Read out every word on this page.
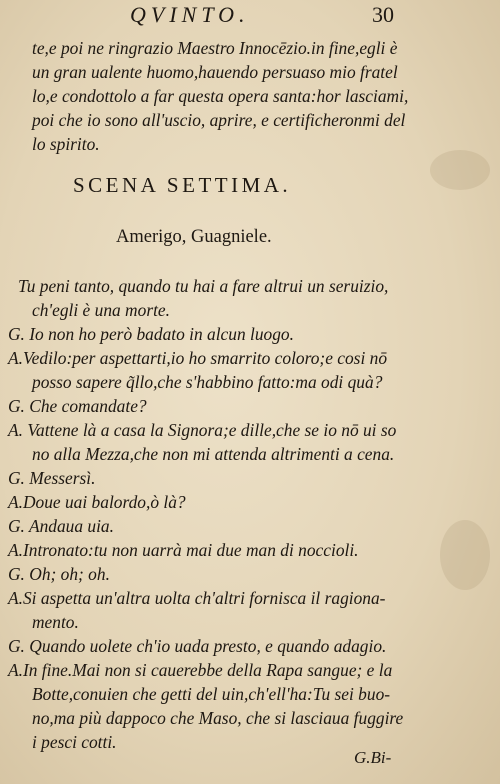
QVINTO.	30
te,e poi ne ringrazio Maestro Innocēzio.in fine,egli è
un gran ualente huomo,hauendo persuaso mio fratel
lo,e condottolo a far questa opera santa:hor lasciami,
poi che io sono all'uscio, aprire, e certificheronmi del
lo spirito.
SCENA SETTIMA.
Amerigo, Guagniele.
Tu peni tanto, quando tu hai a fare altrui un seruizio,
ch'egli è una morte.
G. Io non ho però badato in alcun luogo.
A.Vedilo:per aspettarti,io ho smarrito coloro;e cosi nō
posso sapere q̃llo,che s'habbino fatto:ma odi quà?
G. Che comandate?
A. Vattene là a casa la Signora;e dille,che se io nō ui so
no alla Mezza,che non mi attenda altrimenti a cena.
G. Messersì.
A.Doue uai balordo,ò là?
G. Andaua uia.
A.Intronato:tu non uarrà mai due man di noccioli.
G. Oh; oh; oh.
A.Si aspetta un'altra uolta ch'altri fornisca il ragiona-
mento.
G. Quando uolete ch'io uada presto, e quando adagio.
A.In fine.Mai non si cauerebbe della Rapa sangue; e la
Botte,conuien che getti del uin,ch'ell'ha:Tu sei buo-
no,ma più dappoco che Maso, che si lasciaua fuggire
i pesci cotti.
G.Bi-
